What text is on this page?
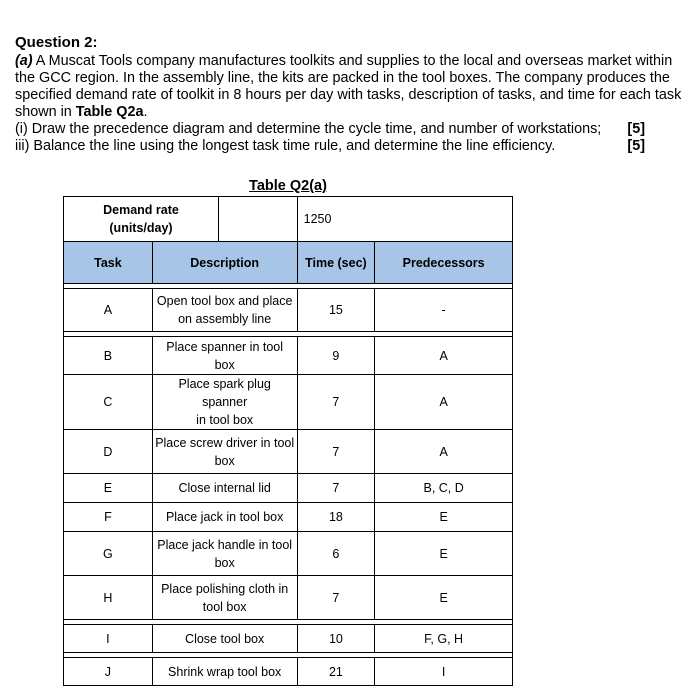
Question 2:
(a) A Muscat Tools company manufactures toolkits and supplies to the local and overseas market within
the GCC region. In the assembly line, the kits are packed in the tool boxes. The company produces the
specified demand rate of toolkit in 8 hours per day with tasks, description of tasks, and time for each task
shown in Table Q2a.
(i) Draw the precedence diagram and determine the cycle time, and number of workstations; [5]
iii) Balance the line using the longest task time rule, and determine the line efficiency.	[5]
Table Q2(a)
Demand rate
(units/day)		1250	
Task	Description	Time (sec)	Predecessors

A	Open tool box and place
on assembly line	15	-

B	Place spanner in tool box	9	A
C	Place spark plug spanner
in tool box	7	A
D	Place screw driver in tool
box	7	A
E	Close internal lid	7	B, C, D
F	Place jack in tool box	18	E
G	Place jack handle in tool
box	6	E
H	Place polishing cloth in
tool box	7	E

I	Close tool box	10	F, G, H

J	Shrink wrap tool box	21	I
